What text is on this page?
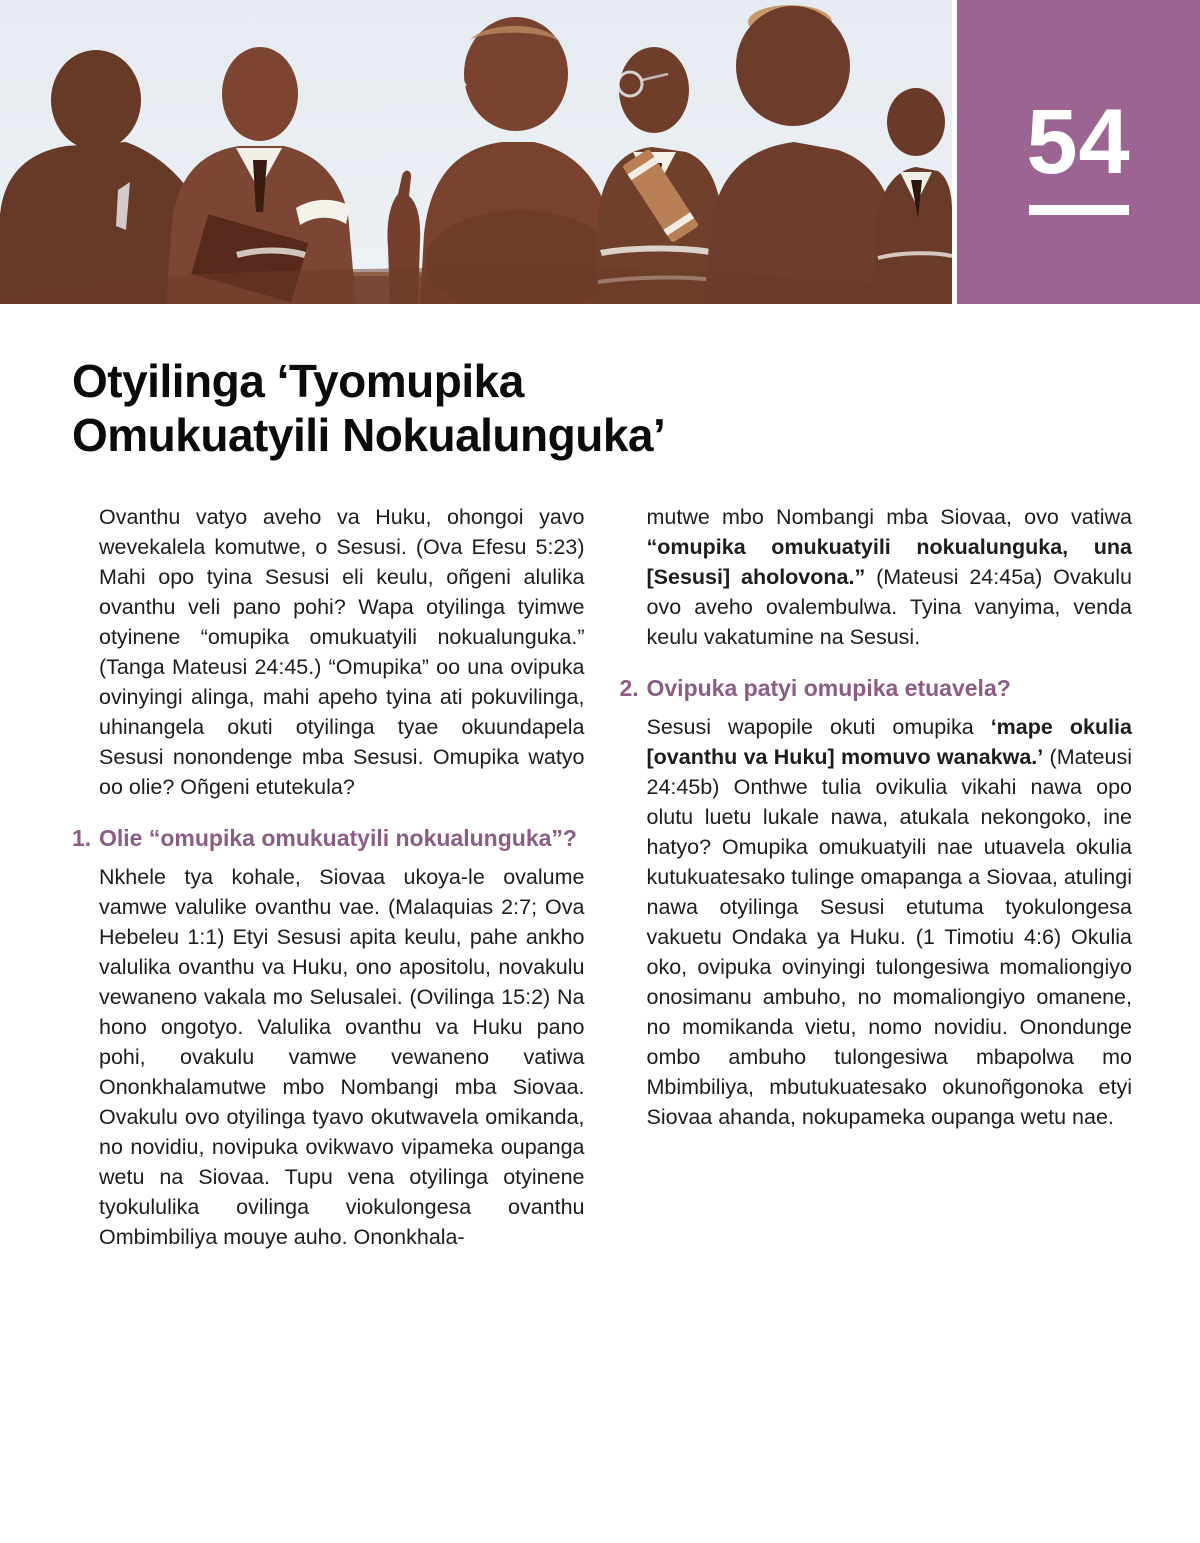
54
Otyilinga ‘Tyomupika
Omukuatyili Nokualunguka’

Ovanthu vatyo aveho va Huku, ohongoi yavo wevekalela komutwe, o Sesusi. (Ova Efesu 5:23) Mahi opo tyina Sesusi eli keulu, oñgeni alulika ovanthu veli pano pohi? Wapa otyilinga tyimwe otyinene “omupika omukuatyili nokualunguka.” (Tanga Mateusi 24:45.) “Omupika” oo una ovipuka ovinyingi alinga, mahi apeho tyina ati pokuvilinga, uhinangela okuti otyilinga tyae okuundapela Sesusi nonondenge mba Sesusi. Omupika watyo oo olie? Oñgeni etutekula?

1. Olie “omupika omukuatyili nokualunguka”?

Nkhele tya kohale, Siovaa ukoya-le ovalume vamwe valulike ovanthu vae. (Malaquias 2:7; Ova Hebeleu 1:1) Etyi Sesusi apita keulu, pahe ankho valulika ovanthu va Huku, ono apositolu, novakulu vewaneno vakala mo Selusalei. (Ovilinga 15:2) Na hono ongotyo. Valulika ovanthu va Huku pano pohi, ovakulu vamwe vewaneno vatiwa Ononkhalamutwe mbo Nombangi mba Siovaa. Ovakulu ovo otyilinga tyavo okutwavela omikanda, no novidiu, novipuka ovikwavo vipameka oupanga wetu na Siovaa. Tupu vena otyilinga otyinene tyokululika ovilinga viokulongesa ovanthu Ombimbiliya mouye auho. Ononkhala-

mutwe mbo Nombangi mba Siovaa, ovo vatiwa “omupika omukuatyili nokualunguka, una [Sesusi] aholovona.” (Mateusi 24:45a) Ovakulu ovo aveho ovalembulwa. Tyina vanyima, venda keulu vakatumine na Sesusi.

2. Ovipuka patyi omupika etuavela?

Sesusi wapopile okuti omupika ‘mape okulia [ovanthu va Huku] momuvo wanakwa.’ (Mateusi 24:45b) Onthwe tulia ovikulia vikahi nawa opo olutu luetu lukale nawa, atukala nekongoko, ine hatyo? Omupika omukuatyili nae utuavela okulia kutukuatesako tulinge omapanga a Siovaa, atulingi nawa otyilinga Sesusi etutuma tyokulongesa vakuetu Ondaka ya Huku. (1 Timotiu 4:6) Okulia oko, ovipuka ovinyingi tulongesiwa momaliongiyo onosimanu ambuho, no momaliongiyo omanene, no momikanda vietu, nomo novidiu. Onondunge ombo ambuho tulongesiwa mbapolwa mo Mbimbiliya, mbutukuatesako okunoñgonoka etyi Siovaa ahanda, nokupameka oupanga wetu nae.
